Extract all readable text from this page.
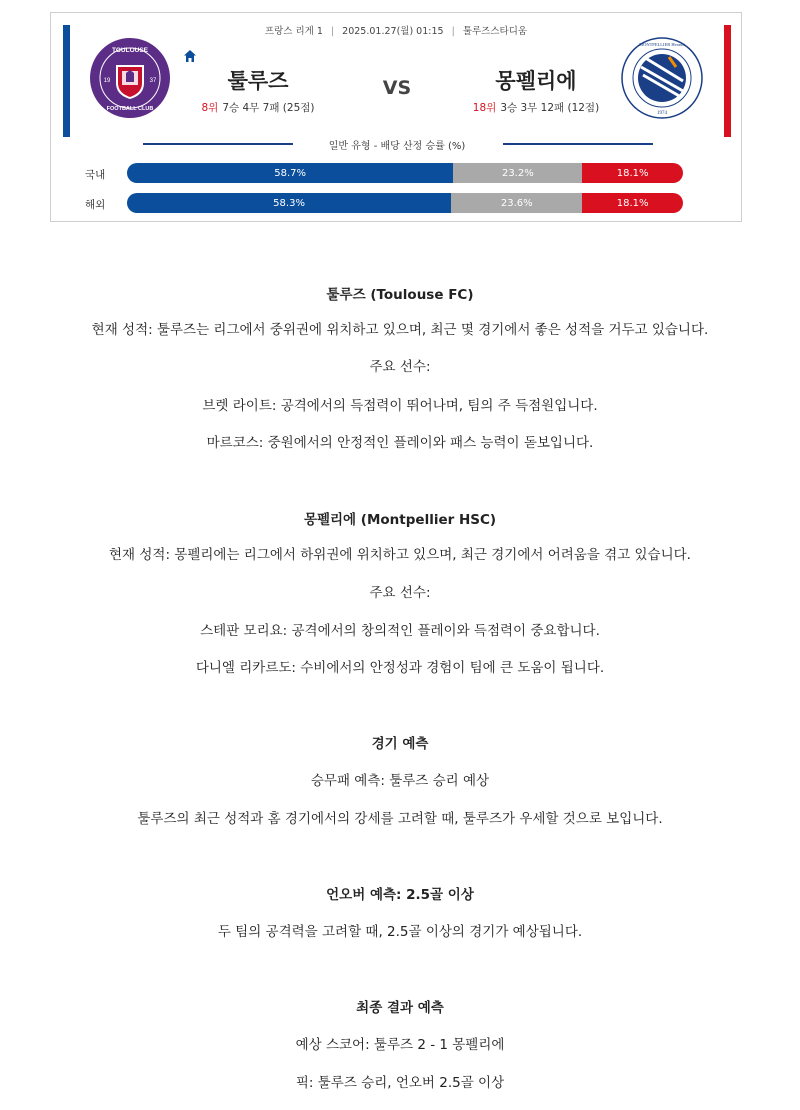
프랑스 리게 1 | 2025.01.27(월) 01:15 | 툴루즈스타디움
TOULOUSE
FOOTBALL CLUB
19	37	툴루즈	VS	몽펠리에
8위 7승 4무 7패 (25점)	18위 3승 3무 12패 (12점)	1974
MONTPELLIER Herault
일반 유형 - 배당 산정 승률 (%)
국내	58.7%	23.2%	18.1%
해외	58.3%	23.6%	18.1%
툴루즈 (Toulouse FC)
현재 성적: 툴루즈는 리그에서 중위권에 위치하고 있으며, 최근 몇 경기에서 좋은 성적을 거두고 있습니다.
주요 선수:
브렛 라이트: 공격에서의 득점력이 뛰어나며, 팀의 주 득점원입니다.
마르코스: 중원에서의 안정적인 플레이와 패스 능력이 돋보입니다.
몽펠리에 (Montpellier HSC)
현재 성적: 몽펠리에는 리그에서 하위권에 위치하고 있으며, 최근 경기에서 어려움을 겪고 있습니다.
주요 선수:
스테판 모리요: 공격에서의 창의적인 플레이와 득점력이 중요합니다.
다니엘 리카르도: 수비에서의 안정성과 경험이 팀에 큰 도움이 됩니다.
경기 예측
승무패 예측: 툴루즈 승리 예상
툴루즈의 최근 성적과 홈 경기에서의 강세를 고려할 때, 툴루즈가 우세할 것으로 보입니다.
언오버 예측: 2.5골 이상
두 팀의 공격력을 고려할 때, 2.5골 이상의 경기가 예상됩니다.
최종 결과 예측
예상 스코어: 툴루즈 2 - 1 몽펠리에
픽: 툴루즈 승리, 언오버 2.5골 이상
